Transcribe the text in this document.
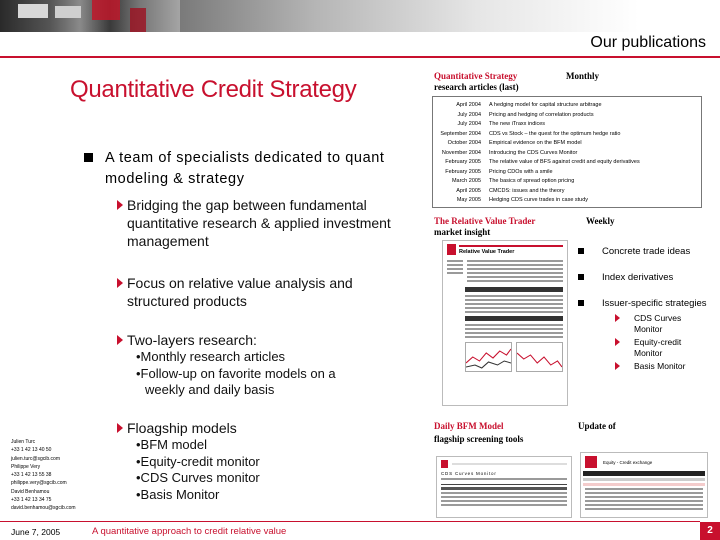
Our publications
Quantitative Credit Strategy
A team of specialists dedicated to quant modeling & strategy
Bridging the gap between fundamental quantitative research & applied investment management
Focus on relative value analysis and structured products
Two-layers research:
•Monthly research articles
•Follow-up on favorite models on a
weekly and daily basis
Floagship models
•BFM model
•Equity-credit monitor
•CDS Curves monitor
•Basis Monitor
Julien Turc
+33 1 42 13 40 50
julien.turc@sgcib.com
Philippe Very
+33 1 42 13 55 38
philippe.very@sgcib.com
David Benhamou
+33 1 42 13 34 75
david.benhamou@sgcib.com
June 7, 2005	A quantitative approach to credit relative value	2
Quantitative Strategy	Monthly
research articles (last)
April 2004	A hedging model for capital structure arbitrage
July 2004	Pricing and hedging of correlation products
July 2004	The new iTraxx indices
September 2004	CDS vs Stock – the quest for the optimum hedge ratio
October 2004	Empirical evidence on the BFM model
November 2004	Introducing the CDS Curves Monitor
February 2005	The relative value of BFS against credit and equity derivatives
February 2005	Pricing CDOs with a smile
March 2005	The basics of spread option pricing
April 2005	CMCDS: issues and the theory
May 2005	Hedging CDS curve trades in case study
The Relative Value Trader	Weekly
market insight
Relative Value Trader	Concrete trade ideas
Index derivatives
Issuer-specific strategies
CDS Curves Monitor
Equity-credit Monitor
Basis Monitor
Daily BFM Model	Update of
flagship screening tools
CDS Curves Monitor
Equity - Credit exchange
